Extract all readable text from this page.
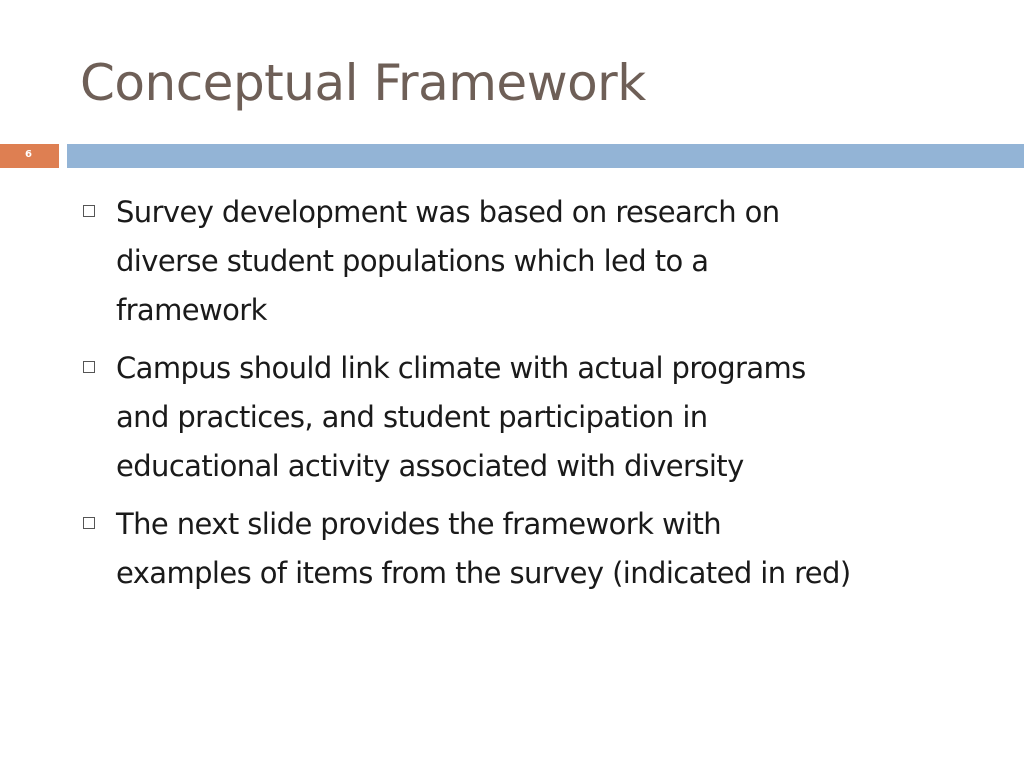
Conceptual Framework
6
Survey development was based on research on
diverse student populations which led to a
framework
Campus should link climate with actual programs
and practices, and student participation in
educational activity associated with diversity
The next slide provides the framework with
examples of items from the survey (indicated in red)
